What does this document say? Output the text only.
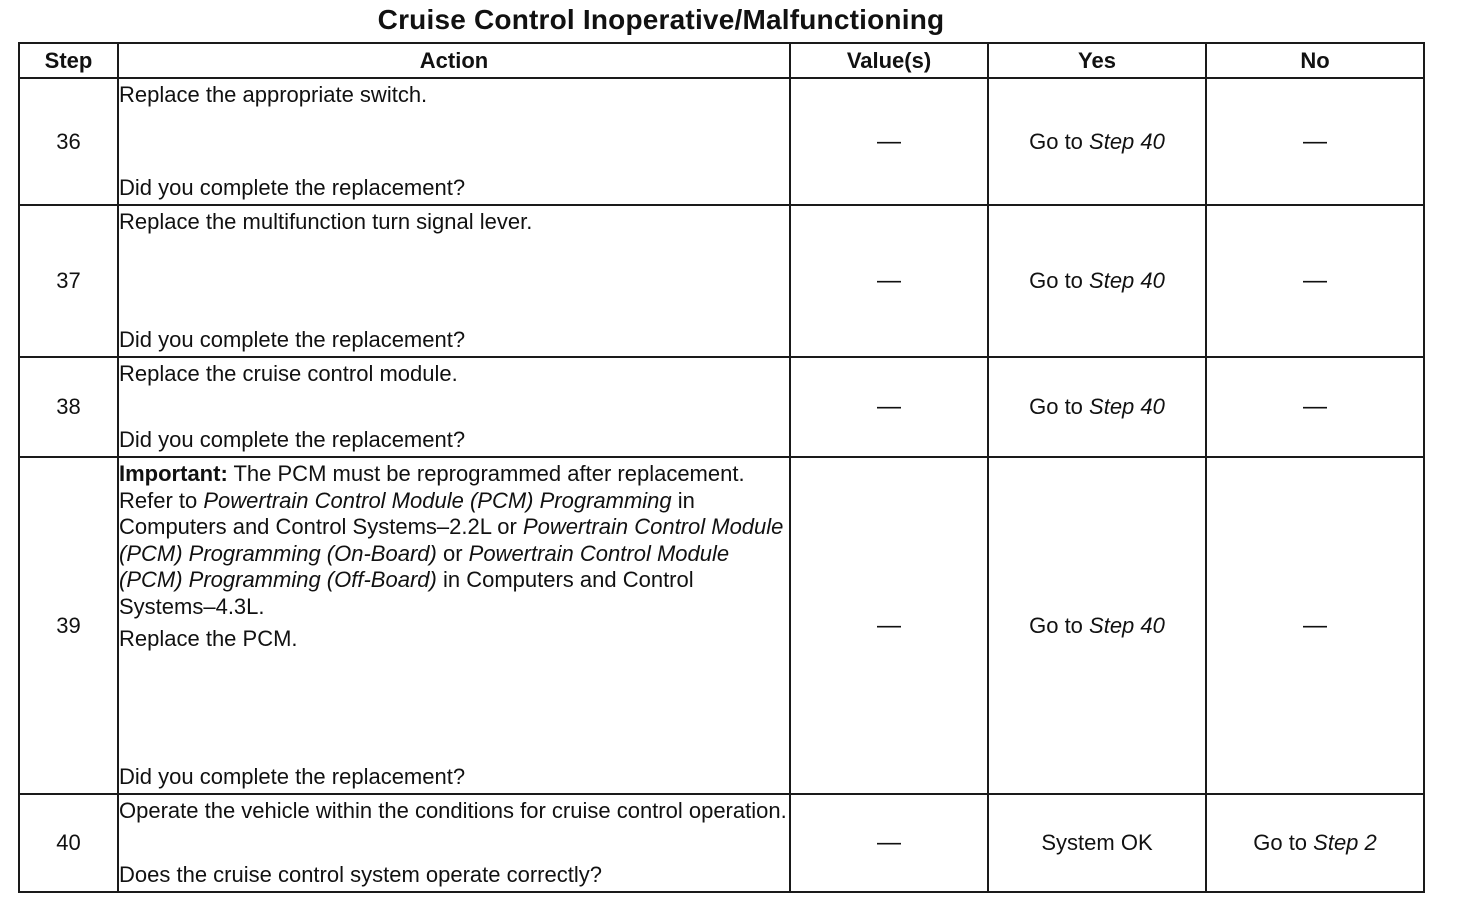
Cruise Control Inoperative/Malfunctioning
Step	Action	Value(s)	Yes	No
36	Replace the appropriate switch.

Did you complete the replacement?	—	Go to Step 40	—
37	Replace the multifunction turn signal lever.

Did you complete the replacement?	—	Go to Step 40	—
38	Replace the cruise control module.

Did you complete the replacement?	—	Go to Step 40	—
39	Important: The PCM must be reprogrammed after replacement. Refer to Powertrain Control Module (PCM) Programming in Computers and Control Systems–2.2L or Powertrain Control Module (PCM) Programming (On-Board) or Powertrain Control Module (PCM) Programming (Off-Board) in Computers and Control Systems–4.3L.

Replace the PCM.

Did you complete the replacement?	—	Go to Step 40	—
40	Operate the vehicle within the conditions for cruise control operation.

Does the cruise control system operate correctly?	—	System OK	Go to Step 2
